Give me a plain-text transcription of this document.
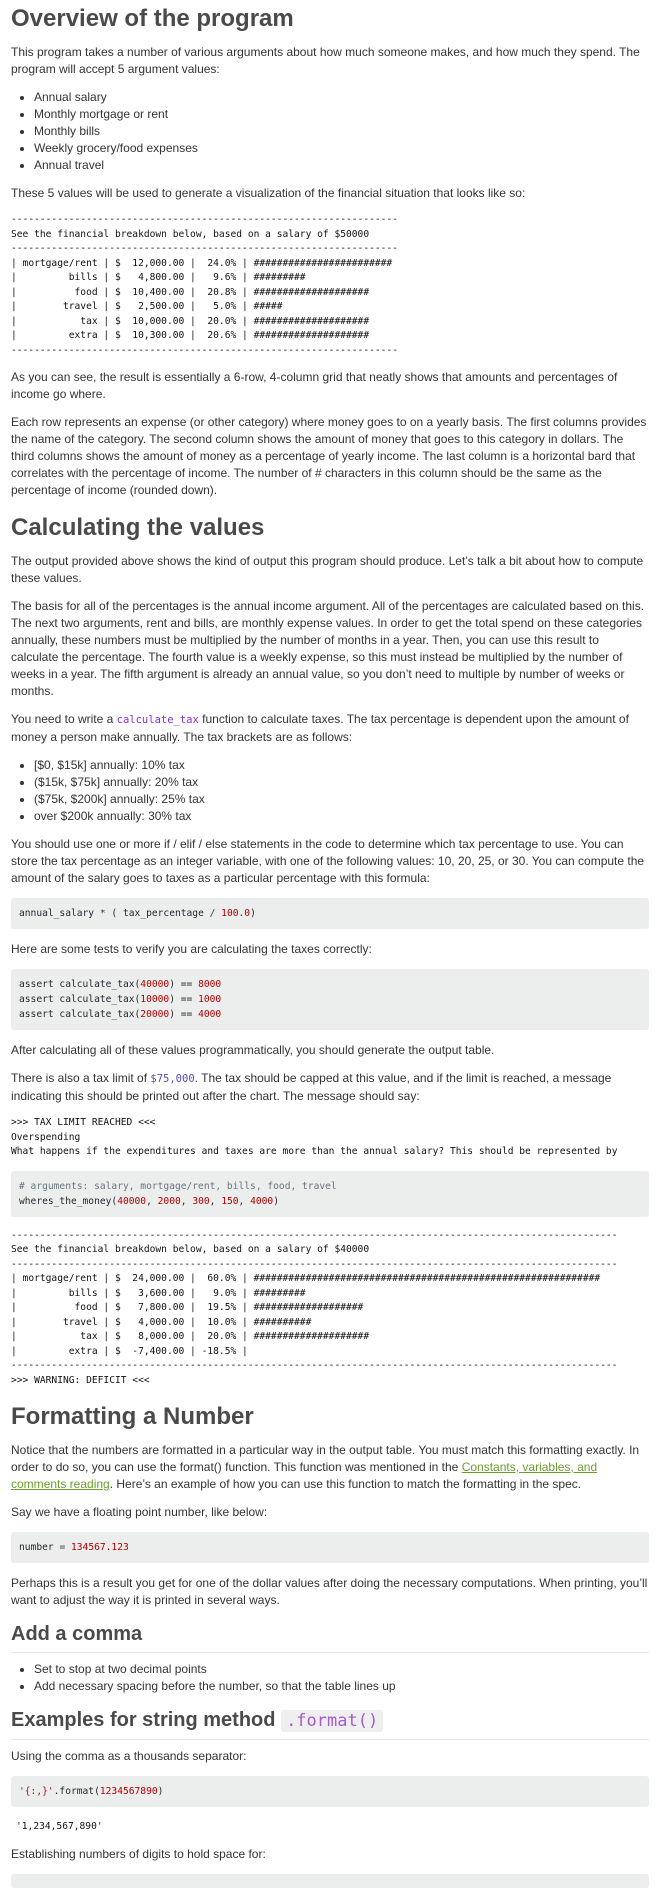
Overview of the program

This program takes a number of various arguments about how much someone makes, and how much they spend. The program will accept 5 argument values:

• Annual salary
• Monthly mortgage or rent
• Monthly bills
• Weekly grocery/food expenses
• Annual travel

These 5 values will be used to generate a visualization of the financial situation that looks like so:

-------------------------------------------------------------------
See the financial breakdown below, based on a salary of $50000
-------------------------------------------------------------------
| mortgage/rent | $  12,000.00 |  24.0% | ########################
|         bills | $   4,800.00 |   9.6% | #########
|          food | $  10,400.00 |  20.8% | ####################
|        travel | $   2,500.00 |   5.0% | #####
|           tax | $  10,000.00 |  20.0% | ####################
|         extra | $  10,300.00 |  20.6% | ####################
-------------------------------------------------------------------

As you can see, the result is essentially a 6-row, 4-column grid that neatly shows that amounts and percentages of income go where.

Each row represents an expense (or other category) where money goes to on a yearly basis. The first columns provides the name of the category. The second column shows the amount of money that goes to this category in dollars. The third columns shows the amount of money as a percentage of yearly income. The last column is a horizontal bard that correlates with the percentage of income. The number of # characters in this column should be the same as the percentage of income (rounded down).

Calculating the values

The output provided above shows the kind of output this program should produce. Let’s talk a bit about how to compute these values.

The basis for all of the percentages is the annual income argument. All of the percentages are calculated based on this. The next two arguments, rent and bills, are monthly expense values. In order to get the total spend on these categories annually, these numbers must be multiplied by the number of months in a year. Then, you can use this result to calculate the percentage. The fourth value is a weekly expense, so this must instead be multiplied by the number of weeks in a year. The fifth argument is already an annual value, so you don’t need to multiple by number of weeks or months.

You need to write a calculate_tax function to calculate taxes. The tax percentage is dependent upon the amount of money a person make annually. The tax brackets are as follows:

• [$0, $15k] annually: 10% tax
• ($15k, $75k] annually: 20% tax
• ($75k, $200k] annually: 25% tax
• over $200k annually: 30% tax

You should use one or more if / elif / else statements in the code to determine which tax percentage to use. You can store the tax percentage as an integer variable, with one of the following values: 10, 20, 25, or 30. You can compute the amount of the salary goes to taxes as a particular percentage with this formula:

annual_salary * ( tax_percentage / 100.0)

Here are some tests to verify you are calculating the taxes correctly:

assert calculate_tax(40000) == 8000
assert calculate_tax(10000) == 1000
assert calculate_tax(20000) == 4000

After calculating all of these values programmatically, you should generate the output table.

There is also a tax limit of $75,000. The tax should be capped at this value, and if the limit is reached, a message indicating this should be printed out after the chart. The message should say:

>>> TAX LIMIT REACHED <<<
Overspending
What happens if the expenditures and taxes are more than the annual salary? This should be represented by
# arguments: salary, mortgage/rent, bills, food, travel
wheres_the_money(40000, 2000, 300, 150, 4000)
---------------------------------------------------------------------------------------------------------
See the financial breakdown below, based on a salary of $40000
---------------------------------------------------------------------------------------------------------
| mortgage/rent | $  24,000.00 |  60.0% | ############################################################
|         bills | $   3,600.00 |   9.0% | #########
|          food | $   7,800.00 |  19.5% | ###################
|        travel | $   4,000.00 |  10.0% | ##########
|           tax | $   8,000.00 |  20.0% | ####################
|         extra | $  -7,400.00 | -18.5% |
---------------------------------------------------------------------------------------------------------
>>> WARNING: DEFICIT <<<
Formatting a Number

Notice that the numbers are formatted in a particular way in the output table. You must match this formatting exactly. In order to do so, you can use the format() function. This function was mentioned in the Constants, variables, and comments reading. Here’s an example of how you can use this function to match the formatting in the spec.

Say we have a floating point number, like below:

number = 134567.123

Perhaps this is a result you get for one of the dollar values after doing the necessary computations. When printing, you’ll want to adjust the way it is printed in several ways.

Add a comma
• Set to stop at two decimal points
• Add necessary spacing before the number, so that the table lines up
Examples for string method .format()

Using the comma as a thousands separator:

'{:,}'.format(1234567890)
'1,234,567,890'

Establishing numbers of digits to hold space for:
